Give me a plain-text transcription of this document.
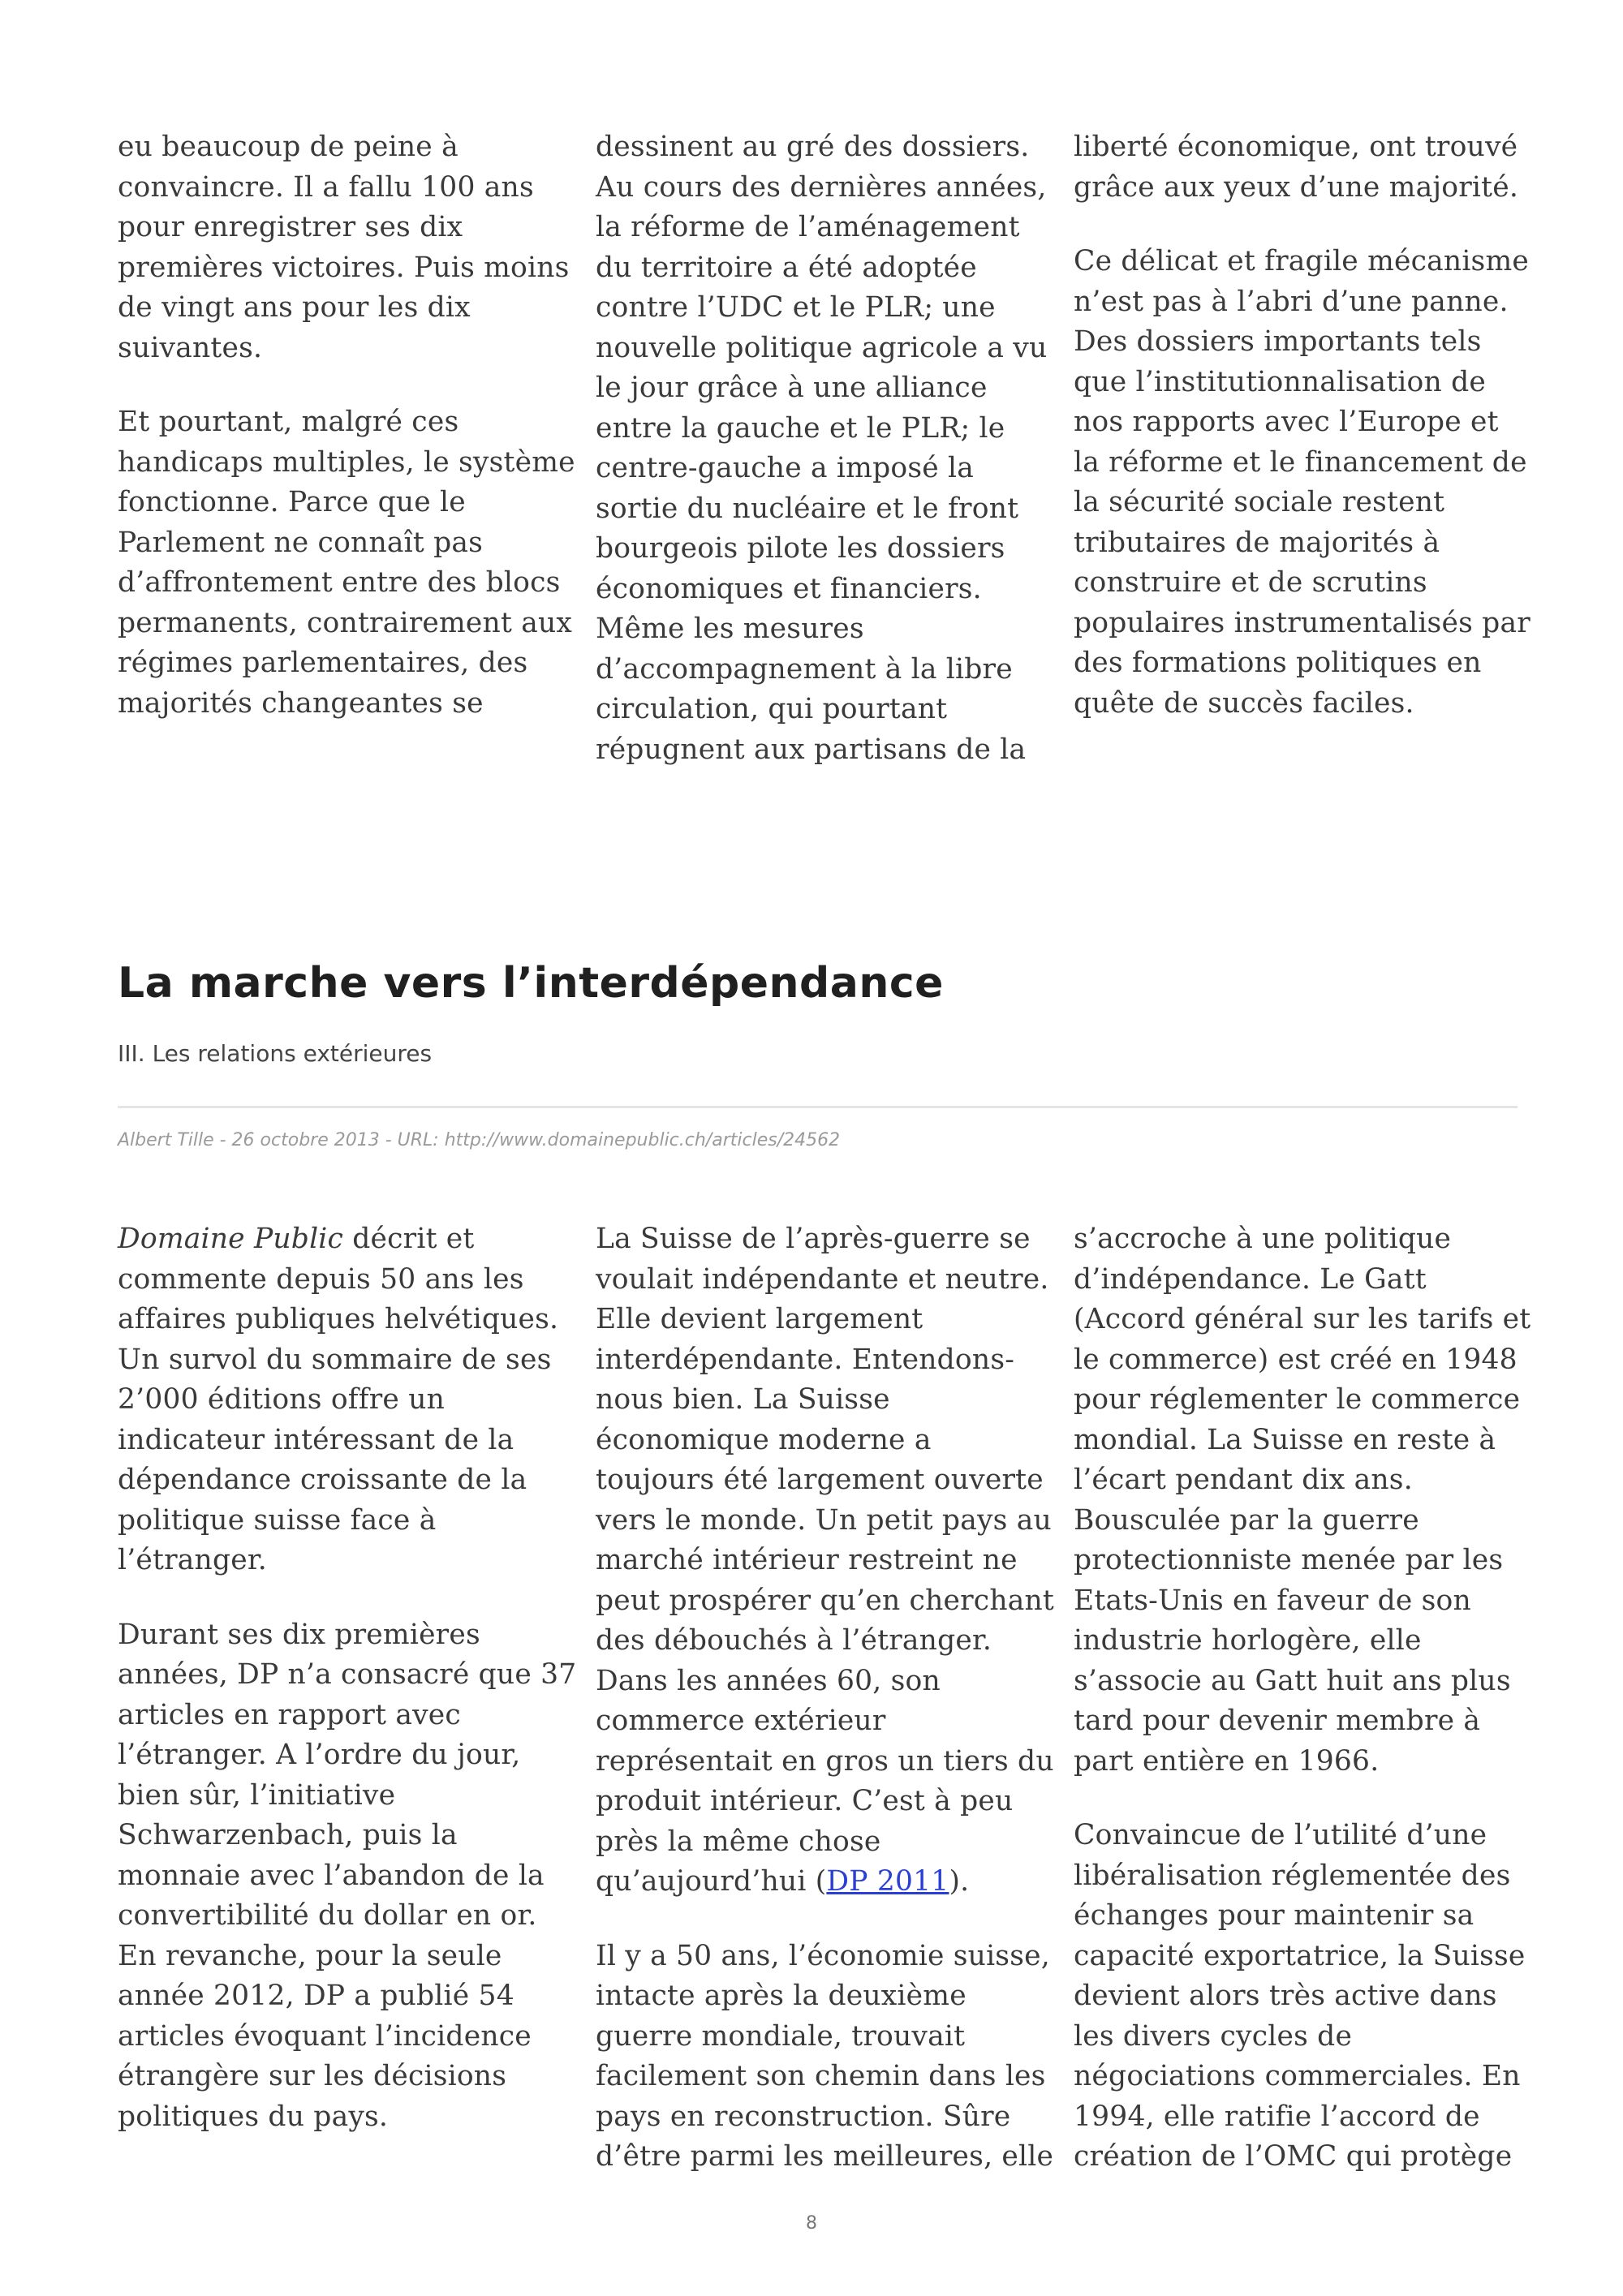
eu beaucoup de peine à
convaincre. Il a fallu 100 ans
pour enregistrer ses dix
premières victoires. Puis moins
de vingt ans pour les dix
suivantes.

Et pourtant, malgré ces
handicaps multiples, le système
fonctionne. Parce que le
Parlement ne connaît pas
d’affrontement entre des blocs
permanents, contrairement aux
régimes parlementaires, des
majorités changeantes se

dessinent au gré des dossiers.
Au cours des dernières années,
la réforme de l’aménagement
du territoire a été adoptée
contre l’UDC et le PLR; une
nouvelle politique agricole a vu
le jour grâce à une alliance
entre la gauche et le PLR; le
centre-gauche a imposé la
sortie du nucléaire et le front
bourgeois pilote les dossiers
économiques et financiers.
Même les mesures
d’accompagnement à la libre
circulation, qui pourtant
répugnent aux partisans de la

liberté économique, ont trouvé
grâce aux yeux d’une majorité.

Ce délicat et fragile mécanisme
n’est pas à l’abri d’une panne.
Des dossiers importants tels
que l’institutionnalisation de
nos rapports avec l’Europe et
la réforme et le financement de
la sécurité sociale restent
tributaires de majorités à
construire et de scrutins
populaires instrumentalisés par
des formations politiques en
quête de succès faciles.

La marche vers l’interdépendance
III. Les relations extérieures
Albert Tille - 26 octobre 2013 - URL: http://www.domainepublic.ch/articles/24562

Domaine Public décrit et
commente depuis 50 ans les
affaires publiques helvétiques.
Un survol du sommaire de ses
2’000 éditions offre un
indicateur intéressant de la
dépendance croissante de la
politique suisse face à
l’étranger.

Durant ses dix premières
années, DP n’a consacré que 37
articles en rapport avec
l’étranger. A l’ordre du jour,
bien sûr, l’initiative
Schwarzenbach, puis la
monnaie avec l’abandon de la
convertibilité du dollar en or.
En revanche, pour la seule
année 2012, DP a publié 54
articles évoquant l’incidence
étrangère sur les décisions
politiques du pays.

La Suisse de l’après-guerre se
voulait indépendante et neutre.
Elle devient largement
interdépendante. Entendons-
nous bien. La Suisse
économique moderne a
toujours été largement ouverte
vers le monde. Un petit pays au
marché intérieur restreint ne
peut prospérer qu’en cherchant
des débouchés à l’étranger.
Dans les années 60, son
commerce extérieur
représentait en gros un tiers du
produit intérieur. C’est à peu
près la même chose
qu’aujourd’hui (DP 2011).

Il y a 50 ans, l’économie suisse,
intacte après la deuxième
guerre mondiale, trouvait
facilement son chemin dans les
pays en reconstruction. Sûre
d’être parmi les meilleures, elle

s’accroche à une politique
d’indépendance. Le Gatt
(Accord général sur les tarifs et
le commerce) est créé en 1948
pour réglementer le commerce
mondial. La Suisse en reste à
l’écart pendant dix ans.
Bousculée par la guerre
protectionniste menée par les
Etats-Unis en faveur de son
industrie horlogère, elle
s’associe au Gatt huit ans plus
tard pour devenir membre à
part entière en 1966.

Convaincue de l’utilité d’une
libéralisation réglementée des
échanges pour maintenir sa
capacité exportatrice, la Suisse
devient alors très active dans
les divers cycles de
négociations commerciales. En
1994, elle ratifie l’accord de
création de l’OMC qui protège

8
